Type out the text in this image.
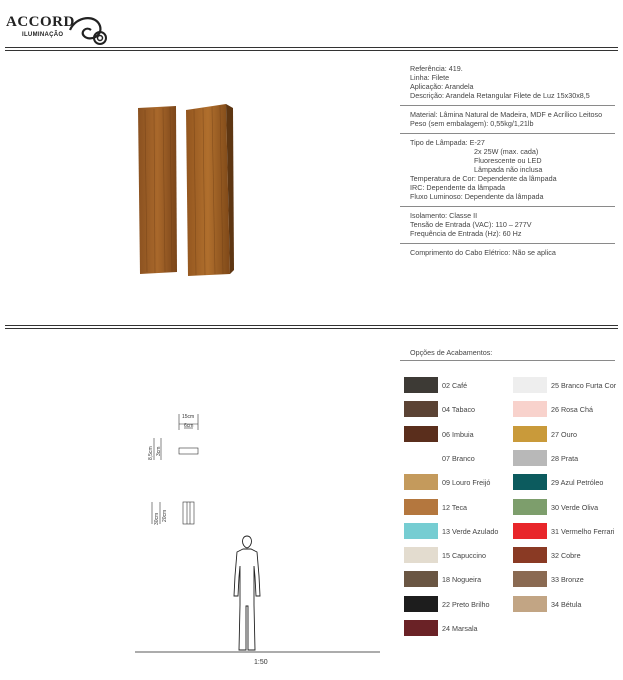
ACCORD
ILUMINAÇÃO
Referência: 419.
Linha: Filete
Aplicação: Arandela
Descrição: Arandela Retangular Filete de Luz 15x30x8,5
Material: Lâmina Natural de Madeira, MDF e Acrílico Leitoso
Peso (sem embalagem): 0,55kg/1,21lb
Tipo de Lâmpada: E-27
2x 25W (max. cada)
Fluorescente ou LED
Lâmpada não inclusa
Temperatura de Cor: Dependente da lâmpada
IRC: Dependente da lâmpada
Fluxo Luminoso: Dependente da lâmpada
Isolamento: Classe II
Tensão de Entrada (VAC): 110 – 277V
Frequência de Entrada (Hz): 60 Hz
Comprimento do Cabo Elétrico: Não se aplica
Opções de Acabamentos:
02 Café
04 Tabaco
06 Imbuia
07 Branco
09 Louro Freijó
12 Teca
13 Verde Azulado
15 Capuccino
18 Nogueira
22 Preto Brilho
24 Marsala
25 Branco Furta Cor
26 Rosa Chá
27 Ouro
28 Prata
29 Azul Petróleo
30 Verde Oliva
31 Vermelho Ferrari
32 Cobre
33 Bronze
34 Bétula
15cm
6cm
8,5cm 3cm
30cm 20cm
1:50
